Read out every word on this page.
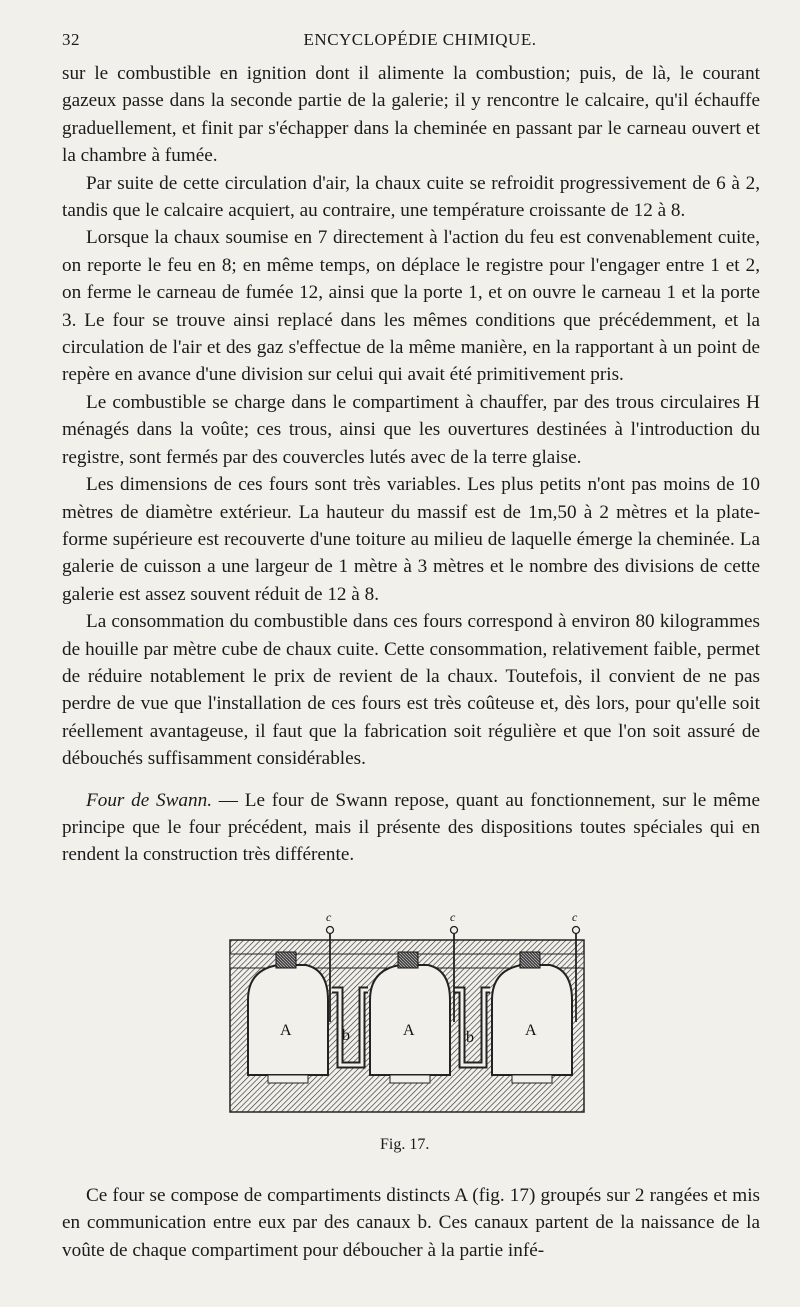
32	ENCYCLOPÉDIE CHIMIQUE.

sur le combustible en ignition dont il alimente la combustion; puis, de là, le courant gazeux passe dans la seconde partie de la galerie; il y rencontre le calcaire, qu'il échauffe graduellement, et finit par s'échapper dans la cheminée en passant par le carneau ouvert et la chambre à fumée.

Par suite de cette circulation d'air, la chaux cuite se refroidit progressivement de 6 à 2, tandis que le calcaire acquiert, au contraire, une température croissante de 12 à 8.

Lorsque la chaux soumise en 7 directement à l'action du feu est convenablement cuite, on reporte le feu en 8; en même temps, on déplace le registre pour l'engager entre 1 et 2, on ferme le carneau de fumée 12, ainsi que la porte 1, et on ouvre le carneau 1 et la porte 3. Le four se trouve ainsi replacé dans les mêmes conditions que précédemment, et la circulation de l'air et des gaz s'effectue de la même manière, en la rapportant à un point de repère en avance d'une division sur celui qui avait été primitivement pris.

Le combustible se charge dans le compartiment à chauffer, par des trous circulaires H ménagés dans la voûte; ces trous, ainsi que les ouvertures destinées à l'introduction du registre, sont fermés par des couvercles lutés avec de la terre glaise.

Les dimensions de ces fours sont très variables. Les plus petits n'ont pas moins de 10 mètres de diamètre extérieur. La hauteur du massif est de 1m,50 à 2 mètres et la plate-forme supérieure est recouverte d'une toiture au milieu de laquelle émerge la cheminée. La galerie de cuisson a une largeur de 1 mètre à 3 mètres et le nombre des divisions de cette galerie est assez souvent réduit de 12 à 8.

La consommation du combustible dans ces fours correspond à environ 80 kilogrammes de houille par mètre cube de chaux cuite. Cette consommation, relativement faible, permet de réduire notablement le prix de revient de la chaux. Toutefois, il convient de ne pas perdre de vue que l'installation de ces fours est très coûteuse et, dès lors, pour qu'elle soit réellement avantageuse, il faut que la fabrication soit régulière et que l'on soit assuré de débouchés suffisamment considérables.

Four de Swann. — Le four de Swann repose, quant au fonctionnement, sur le même principe que le four précédent, mais il présente des dispositions toutes spéciales qui en rendent la construction très différente.

A	A	A
b	b
c	c	c
Fig. 17.

Ce four se compose de compartiments distincts A (fig. 17) groupés sur 2 rangées et mis en communication entre eux par des canaux b. Ces canaux partent de la naissance de la voûte de chaque compartiment pour déboucher à la partie infé-
